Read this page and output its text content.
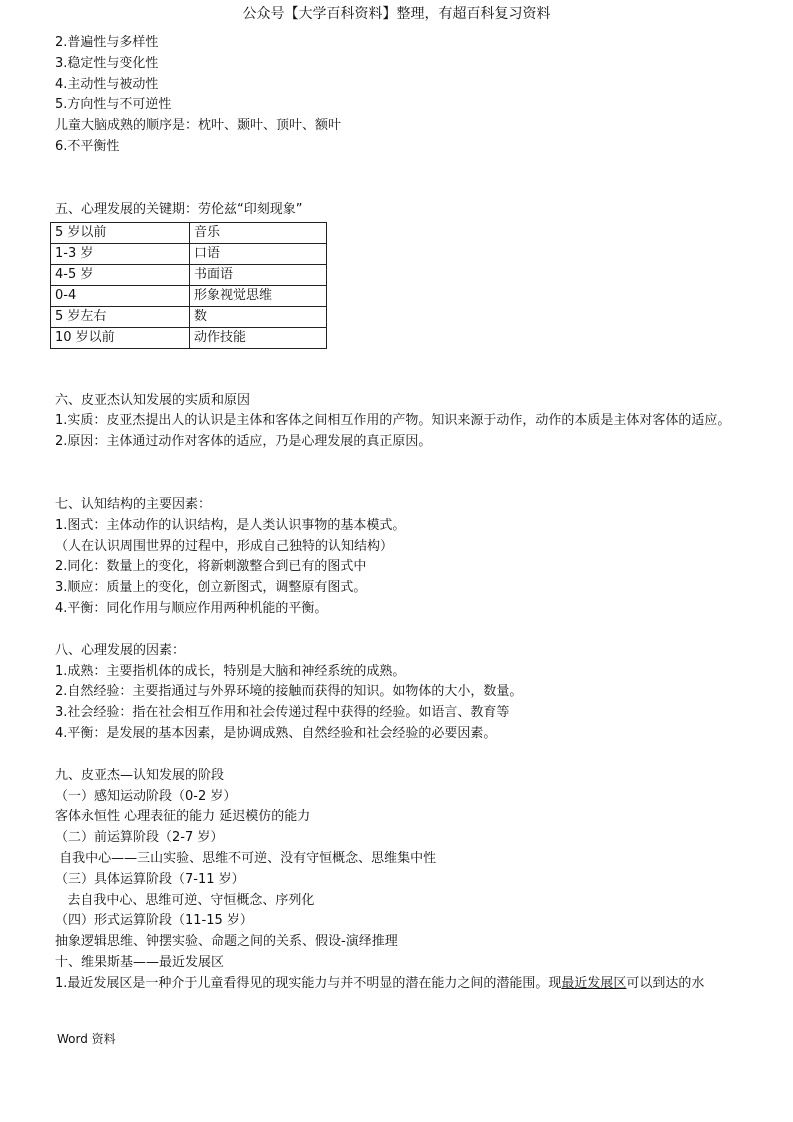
公众号【大学百科资料】整理，有超百科复习资料
2.普遍性与多样性
3.稳定性与变化性
4.主动性与被动性
5.方向性与不可逆性
儿童大脑成熟的顺序是：枕叶、颞叶、顶叶、额叶
6.不平衡性
五、心理发展的关键期：劳伦兹“印刻现象”
5 岁以前	音乐
1-3 岁	口语
4-5 岁	书面语
0-4	形象视觉思维
5 岁左右	数
10 岁以前	动作技能
六、皮亚杰认知发展的实质和原因
1.实质：皮亚杰提出人的认识是主体和客体之间相互作用的产物。知识来源于动作，动作的本质是主体对客体的适应。
2.原因：主体通过动作对客体的适应，乃是心理发展的真正原因。
七、认知结构的主要因素：
1.图式：主体动作的认识结构，是人类认识事物的基本模式。
（人在认识周围世界的过程中，形成自己独特的认知结构）
2.同化：数量上的变化，将新刺激整合到已有的图式中
3.顺应：质量上的变化，创立新图式，调整原有图式。
4.平衡：同化作用与顺应作用两种机能的平衡。
八、心理发展的因素：
1.成熟：主要指机体的成长，特别是大脑和神经系统的成熟。
2.自然经验：主要指通过与外界环境的接触而获得的知识。如物体的大小，数量。
3.社会经验：指在社会相互作用和社会传递过程中获得的经验。如语言、教育等
4.平衡：是发展的基本因素，是协调成熟、自然经验和社会经验的必要因素。
九、皮亚杰—认知发展的阶段
（一）感知运动阶段（0-2 岁）
客体永恒性 心理表征的能力 延迟模仿的能力
（二）前运算阶段（2-7 岁）
自我中心——三山实验、思维不可逆、没有守恒概念、思维集中性
（三）具体运算阶段（7-11 岁）
去自我中心、思维可逆、守恒概念、序列化
（四）形式运算阶段（11-15 岁）
抽象逻辑思维、钟摆实验、命题之间的关系、假设-演绎推理
十、维果斯基——最近发展区
1.最近发展区是一种介于儿童看得见的现实能力与并不明显的潜在能力之间的潜能围。现最近发展区可以到达的水
Word 资料
